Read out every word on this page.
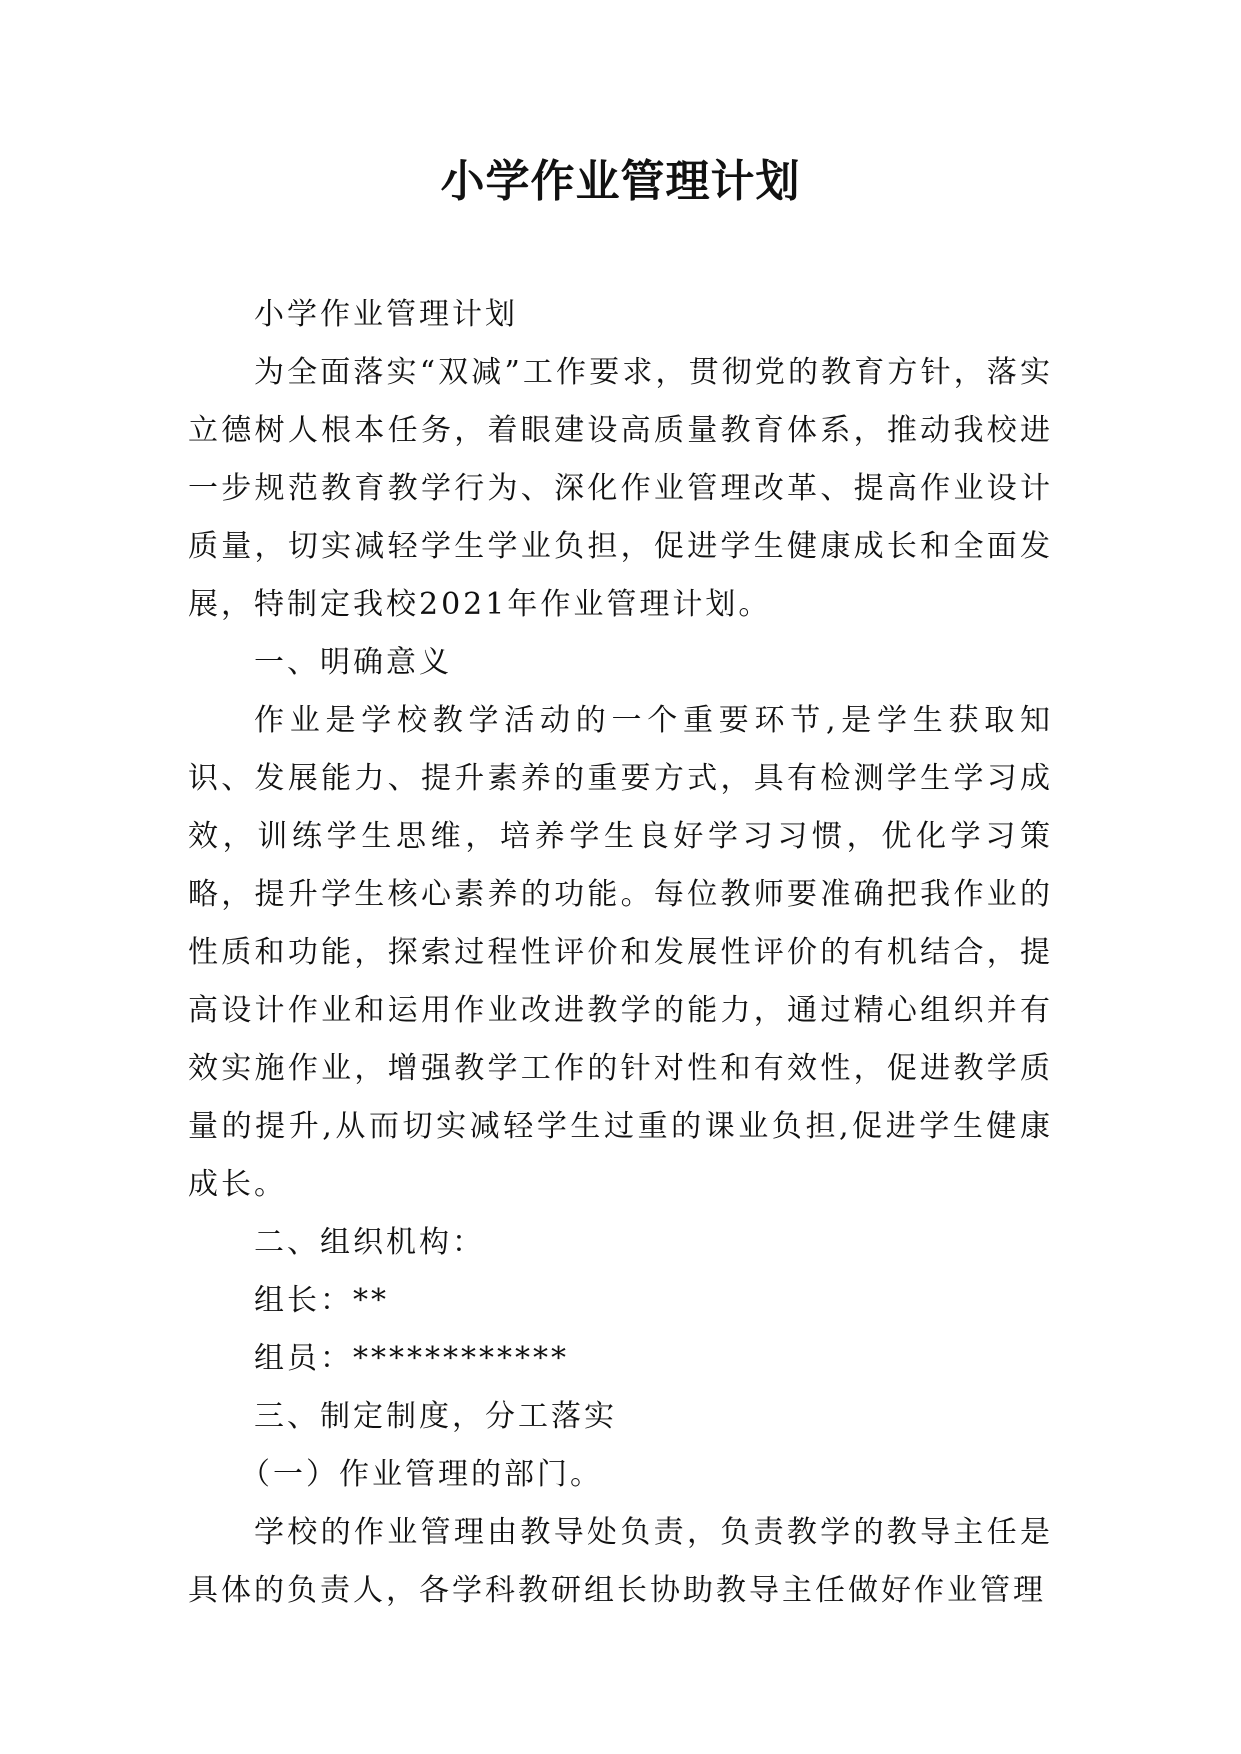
小学作业管理计划

小学作业管理计划

为全面落实“双减”工作要求，贯彻党的教育方针，落实立德树人根本任务，着眼建设高质量教育体系，推动我校进一步规范教育教学行为、深化作业管理改革、提高作业设计质量，切实减轻学生学业负担，促进学生健康成长和全面发展，特制定我校2021年作业管理计划。

一、明确意义

作业是学校教学活动的一个重要环节,是学生获取知识、发展能力、提升素养的重要方式，具有检测学生学习成效，训练学生思维，培养学生良好学习习惯，优化学习策略，提升学生核心素养的功能。每位教师要准确把我作业的性质和功能，探索过程性评价和发展性评价的有机结合，提高设计作业和运用作业改进教学的能力，通过精心组织并有效实施作业，增强教学工作的针对性和有效性，促进教学质量的提升,从而切实减轻学生过重的课业负担,促进学生健康成长。

二、组织机构：

组长：**

组员：************

三、制定制度，分工落实

（一）作业管理的部门。

学校的作业管理由教导处负责，负责教学的教导主任是具体的负责人，各学科教研组长协助教导主任做好作业管理
